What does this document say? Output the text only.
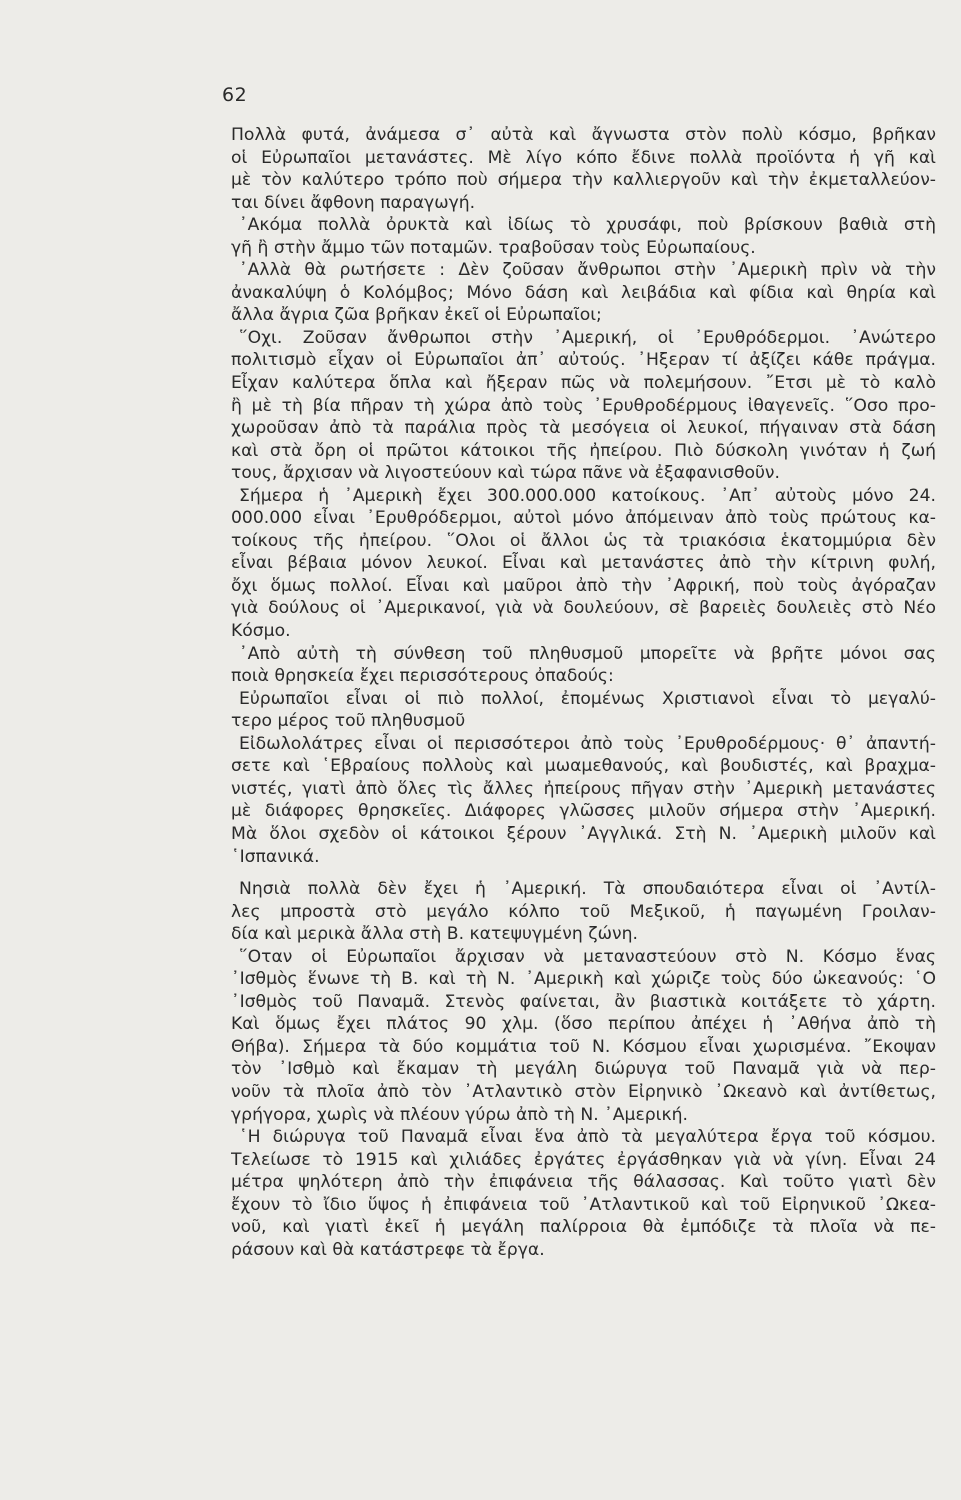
62
Πολλὰ φυτά, ἀνάμεσα σ᾿ αὐτὰ καὶ ἄγνωστα στὸν πολὺ κόσμο, βρῆκαν
οἱ Εὐρωπαῖοι μετανάστες. Μὲ λίγο κόπο ἔδινε πολλὰ προϊόντα ἡ γῆ καὶ
μὲ τὸν καλύτερο τρόπο ποὺ σήμερα τὴν καλλιεργοῦν καὶ τὴν ἐκμεταλλεύον-
ται δίνει ἄφθονη παραγωγή.
᾿Ακόμα πολλὰ ὀρυκτὰ καὶ ἰδίως τὸ χρυσάφι, ποὺ βρίσκουν βαθιὰ στὴ
γῆ ἢ στὴν ἄμμο τῶν ποταμῶν. τραβοῦσαν τοὺς Εὐρωπαίους.
᾿Αλλὰ θὰ ρωτήσετε : Δὲν ζοῦσαν ἄνθρωποι στὴν ᾿Αμερικὴ πρὶν νὰ τὴν
ἀνακαλύψη ὁ Κολόμβος; Μόνο δάση καὶ λειβάδια καὶ φίδια καὶ θηρία καὶ
ἄλλα ἄγρια ζῶα βρῆκαν ἐκεῖ οἱ Εὐρωπαῖοι;
῞Οχι. Ζοῦσαν ἄνθρωποι στὴν ᾿Αμερική, οἱ ᾿Ερυθρόδερμοι. ᾿Ανώτερο
πολιτισμὸ εἶχαν οἱ Εὐρωπαῖοι ἀπ᾿ αὐτούς. ᾿Ηξεραν τί ἀξίζει κάθε πράγμα.
Εἶχαν καλύτερα ὅπλα καὶ ἤξεραν πῶς νὰ πολεμήσουν. ῎Ετσι μὲ τὸ καλὸ
ἢ μὲ τὴ βία πῆραν τὴ χώρα ἀπὸ τοὺς ᾿Ερυθροδέρμους ἰθαγενεῖς. ῞Οσο προ-
χωροῦσαν ἀπὸ τὰ παράλια πρὸς τὰ μεσόγεια οἱ λευκοί, πήγαιναν στὰ δάση
καὶ στὰ ὄρη οἱ πρῶτοι κάτοικοι τῆς ἠπείρου. Πιὸ δύσκολη γινόταν ἡ ζωή
τους, ἄρχισαν νὰ λιγοστεύουν καὶ τώρα πᾶνε νὰ ἐξαφανισθοῦν.
Σήμερα ἡ ᾿Αμερικὴ ἔχει 300.000.000 κατοίκους. ᾿Απ᾿ αὐτοὺς μόνο 24.
000.000 εἶναι ᾿Ερυθρόδερμοι, αὐτοὶ μόνο ἀπόμειναν ἀπὸ τοὺς πρώτους κα-
τοίκους τῆς ἠπείρου. ῞Ολοι οἱ ἄλλοι ὡς τὰ τριακόσια ἑκατομμύρια δὲν
εἶναι βέβαια μόνον λευκοί. Εἶναι καὶ μετανάστες ἀπὸ τὴν κίτρινη φυλή,
ὄχι ὅμως πολλοί. Εἶναι καὶ μαῦροι ἀπὸ τὴν ᾿Αφρική, ποὺ τοὺς ἀγόραζαν
γιὰ δούλους οἱ ᾿Αμερικανοί, γιὰ νὰ δουλεύουν, σὲ βαρειὲς δουλειὲς στὸ Νέο
Κόσμο.
᾿Απὸ αὐτὴ τὴ σύνθεση τοῦ πληθυσμοῦ μπορεῖτε νὰ βρῆτε μόνοι σας
ποιὰ θρησκεία ἔχει περισσότερους ὀπαδούς:
Εὐρωπαῖοι εἶναι οἱ πιὸ πολλοί, ἐπομένως Χριστιανοὶ εἶναι τὸ μεγαλύ-
τερο μέρος τοῦ πληθυσμοῦ
Εἰδωλολάτρες εἶναι οἱ περισσότεροι ἀπὸ τοὺς ᾿Ερυθροδέρμους· θ᾿ ἀπαντή-
σετε καὶ ῾Εβραίους πολλοὺς καὶ μωαμεθανούς, καὶ βουδιστές, καὶ βραχμα-
νιστές, γιατὶ ἀπὸ ὅλες τὶς ἄλλες ἠπείρους πῆγαν στὴν ᾿Αμερικὴ μετανάστες
μὲ διάφορες θρησκεῖες. Διάφορες γλῶσσες μιλοῦν σήμερα στὴν ᾿Αμερική.
Μὰ ὅλοι σχεδὸν οἱ κάτοικοι ξέρουν ᾿Αγγλικά. Στὴ Ν. ᾿Αμερικὴ μιλοῦν καὶ
῾Ισπανικά.
Νησιὰ πολλὰ δὲν ἔχει ἡ ᾿Αμερική. Τὰ σπουδαιότερα εἶναι οἱ ᾿Αντίλ-
λες μπροστὰ στὸ μεγάλο κόλπο τοῦ Μεξικοῦ, ἡ παγωμένη Γροιλαν-
δία καὶ μερικὰ ἄλλα στὴ Β. κατεψυγμένη ζώνη.
῞Οταν οἱ Εὐρωπαῖοι ἄρχισαν νὰ μεταναστεύουν στὸ Ν. Κόσμο ἕνας
᾿Ισθμὸς ἕνωνε τὴ Β. καὶ τὴ Ν. ᾿Αμερικὴ καὶ χώριζε τοὺς δύο ὠκεανούς: ῾Ο
᾿Ισθμὸς τοῦ Παναμᾶ. Στενὸς φαίνεται, ἂν βιαστικὰ κοιτάξετε τὸ χάρτη.
Καὶ ὅμως ἔχει πλάτος 90 χλμ. (ὅσο περίπου ἀπέχει ἡ ᾿Αθήνα ἀπὸ τὴ
Θήβα). Σήμερα τὰ δύο κομμάτια τοῦ Ν. Κόσμου εἶναι χωρισμένα. ῎Εκοψαν
τὸν ᾿Ισθμὸ καὶ ἔκαμαν τὴ μεγάλη διώρυγα τοῦ Παναμᾶ γιὰ νὰ περ-
νοῦν τὰ πλοῖα ἀπὸ τὸν ᾿Ατλαντικὸ στὸν Εἰρηνικὸ ᾿Ωκεανὸ καὶ ἀντίθετως,
γρήγορα, χωρὶς νὰ πλέουν γύρω ἀπὸ τὴ Ν. ᾿Αμερική.
῾Η διώρυγα τοῦ Παναμᾶ εἶναι ἕνα ἀπὸ τὰ μεγαλύτερα ἔργα τοῦ κόσμου.
Τελείωσε τὸ 1915 καὶ χιλιάδες ἐργάτες ἐργάσθηκαν γιὰ νὰ γίνη. Εἶναι 24
μέτρα ψηλότερη ἀπὸ τὴν ἐπιφάνεια τῆς θάλασσας. Καὶ τοῦτο γιατὶ δὲν
ἔχουν τὸ ἴδιο ὕψος ἡ ἐπιφάνεια τοῦ ᾿Ατλαντικοῦ καὶ τοῦ Εἰρηνικοῦ ᾿Ωκεα-
νοῦ, καὶ γιατὶ ἐκεῖ ἡ μεγάλη παλίρροια θὰ ἐμπόδιζε τὰ πλοῖα νὰ πε-
ράσουν καὶ θὰ κατάστρεφε τὰ ἔργα.
